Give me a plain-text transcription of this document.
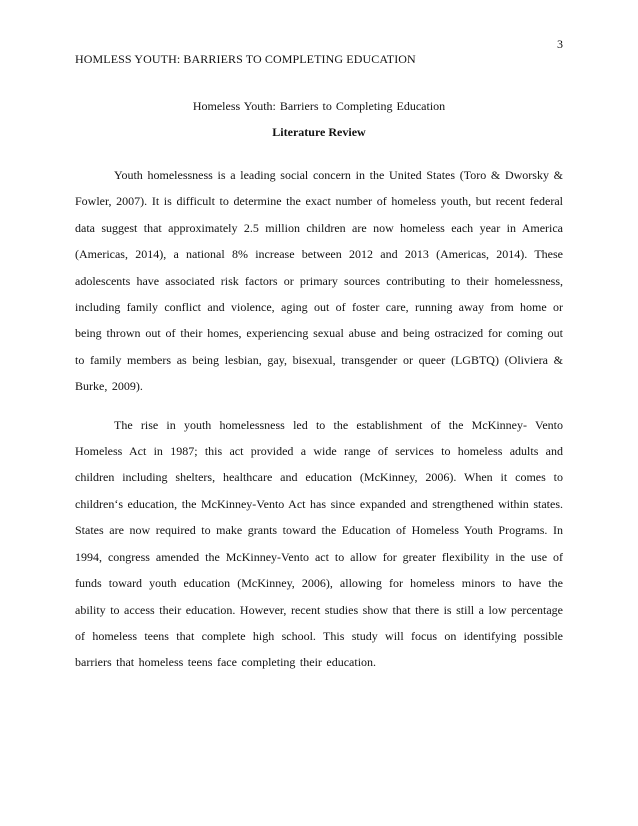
3
HOMLESS YOUTH: BARRIERS TO COMPLETING EDUCATION
Homeless Youth: Barriers to Completing Education
Literature Review

Youth homelessness is a leading social concern in the United States (Toro & Dworsky & Fowler, 2007). It is difficult to determine the exact number of homeless youth, but recent federal data suggest that approximately 2.5 million children are now homeless each year in America (Americas, 2014), a national 8% increase between 2012 and 2013 (Americas, 2014). These adolescents have associated risk factors or primary sources contributing to their homelessness, including family conflict and violence, aging out of foster care, running away from home or being thrown out of their homes, experiencing sexual abuse and being ostracized for coming out to family members as being lesbian, gay, bisexual, transgender or queer (LGBTQ) (Oliviera & Burke, 2009).

The rise in youth homelessness led to the establishment of the McKinney- Vento Homeless Act in 1987; this act provided a wide range of services to homeless adults and children including shelters, healthcare and education (McKinney, 2006). When it comes to children‘s education, the McKinney-Vento Act has since expanded and strengthened within states. States are now required to make grants toward the Education of Homeless Youth Programs. In 1994, congress amended the McKinney-Vento act to allow for greater flexibility in the use of funds toward youth education (McKinney, 2006), allowing for homeless minors to have the ability to access their education. However, recent studies show that there is still a low percentage of homeless teens that complete high school. This study will focus on identifying possible barriers that homeless teens face completing their education.
